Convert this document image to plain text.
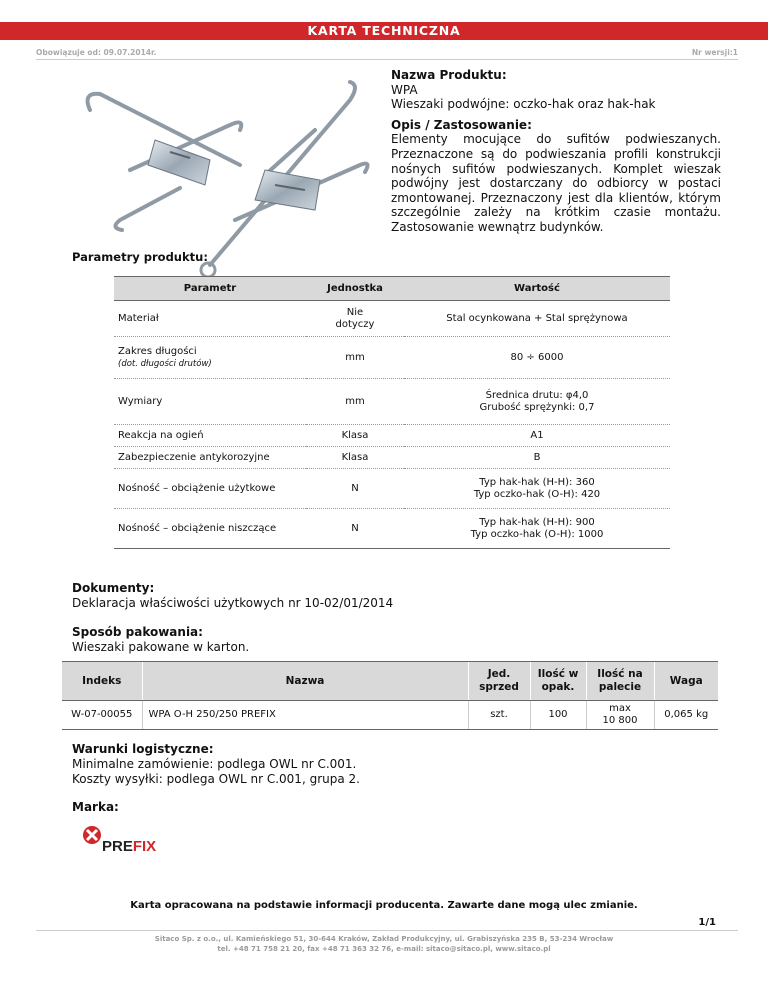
KARTA TECHNICZNA
Obowiązuje od: 09.07.2014r.	Nr wersji:1

Nazwa Produktu:

WPA

Wieszaki podwójne: oczko-hak oraz hak-hak

Opis / Zastosowanie:

Elementy mocujące do sufitów podwieszanych. Przeznaczone są do podwieszania profili konstrukcji nośnych sufitów podwieszanych. Komplet wieszak podwójny jest dostarczany do odbiorcy w postaci zmontowanej. Przeznaczony jest dla klientów, którym szczególnie zależy na krótkim czasie montażu. Zastosowanie wewnątrz budynków.

Parametry produktu:
Parametr	Jednostka	Wartość
Materiał	Nie dotyczy	Stal ocynkowana + Stal sprężynowa

Zakres długości
(dot. długości drutów)	mm	80 ÷ 6000
Wymiary	mm	Średnica drutu: φ4,0
Grubość sprężynki: 0,7

Reakcja na ogień	Klasa	A1
Zabezpieczenie antykorozyjne	Klasa	B
Nośność – obciążenie użytkowe	N	Typ hak-hak (H-H): 360
Typ oczko-hak (O-H): 420

Nośność – obciążenie niszczące	N	Typ hak-hak (H-H): 900
Typ oczko-hak (O-H): 1000
Dokumenty:
Deklaracja właściwości użytkowych nr 10-02/01/2014
Sposób pakowania:
Wieszaki pakowane w karton.
Indeks	Nazwa	Jed. sprzed	Ilość w opak.	Ilość na palecie	Waga
W-07-00055	WPA O-H 250/250 PREFIX	szt.	100	max
10 800	0,065 kg
Warunki logistyczne:
Minimalne zamówienie: podlega OWL nr C.001.
Koszty wysyłki: podlega OWL nr C.001, grupa 2.
Marka:
PREFIX
Karta opracowana na podstawie informacji producenta. Zawarte dane mogą ulec zmianie.
1/1
Sitaco Sp. z o.o., ul. Kamieńskiego 51, 30-644 Kraków, Zakład Produkcyjny, ul. Grabiszyńska 235 B, 53-234 Wrocław
tel. +48 71 758 21 20, fax +48 71 363 32 76, e-mail: sitaco@sitaco.pl, www.sitaco.pl
